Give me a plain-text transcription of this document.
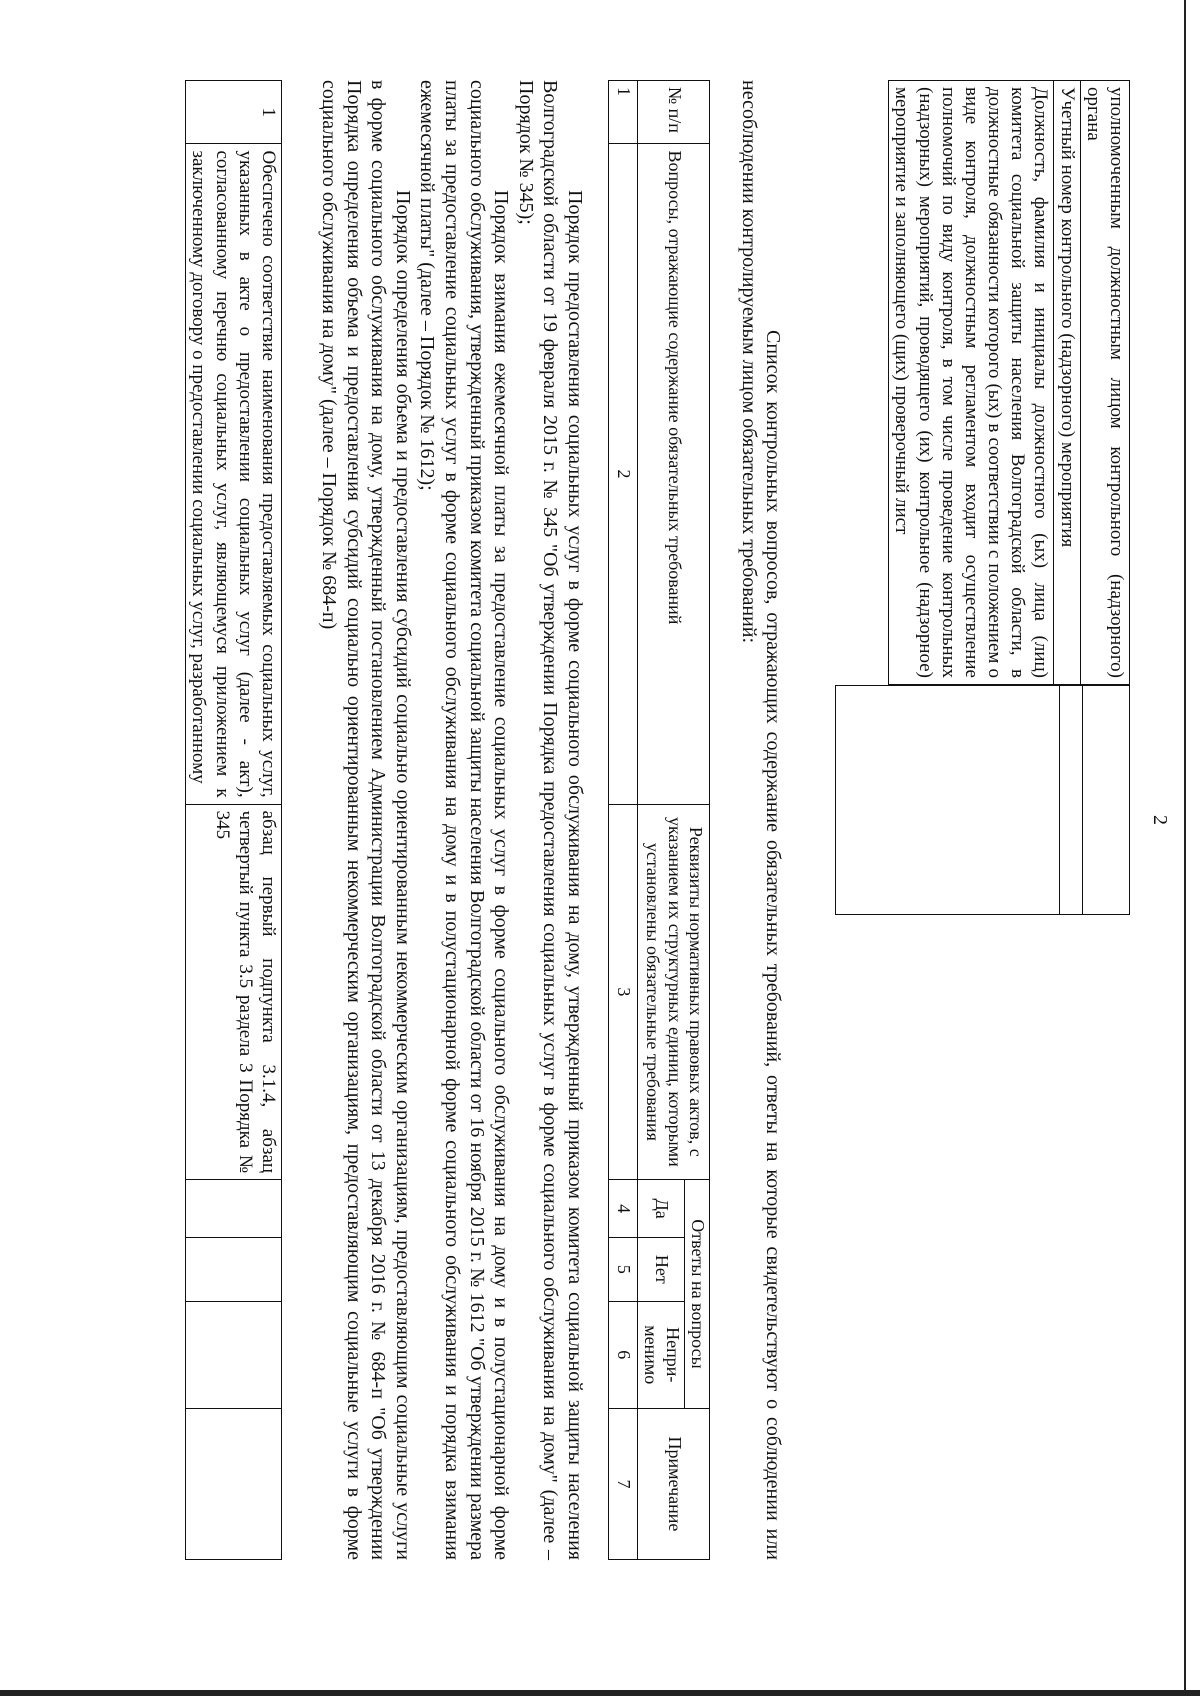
2
уполномоченным должностным лицом контрольного (надзорного) органа
Учетный номер контрольного (надзорного) мероприятия
Должность, фамилия и инициалы должностного (ых) лица (лиц) комитета социальной защиты населения Волгоградской области, в должностные обязанности которого (ых) в соответствии с положением о виде контроля, должностным регламентом входит осуществление полномочий по виду контроля, в том числе проведение контрольных (надзорных) мероприятий, проводящего (их) контрольное (надзорное) мероприятие и заполняющего (щих) проверочный лист

Список контрольных вопросов, отражающих содержание обязательных требований, ответы на которые свидетельствуют о соблюдении или несоблюдении контролируемым лицом обязательных требований:
№ п/п	Вопросы, отражающие содержание обязательных требований	Реквизиты нормативных правовых актов, с указанием их структурных единиц, которыми установлены обязательные требования	Ответы на вопросы			Примечание
			Да	Нет	Непри-менимо	
1	2	3	4	5	6	7

Порядок предоставления социальных услуг в форме социального обслуживания на дому, утвержденный приказом комитета социальной защиты населения Волгоградской области от 19 февраля 2015 г. № 345 "Об утверждении Порядка предоставления социальных услуг в форме социального обслуживания на дому" (далее – Порядок № 345);

Порядок взимания ежемесячной платы за предоставление социальных услуг в форме социального обслуживания на дому и в полустационарной форме социального обслуживания, утвержденный приказом комитета социальной защиты населения Волгоградской области от 16 ноября 2015 г. № 1612 "Об утверждении размера платы за предоставление социальных услуг в форме социального обслуживания на дому и в полустационарной форме социального обслуживания и порядка взимания ежемесячной платы" (далее – Порядок № 1612);

Порядок определения объема и предоставления субсидий социально ориентированным некоммерческим организациям, предоставляющим социальные услуги в форме социального обслуживания на дому, утвержденный постановлением Администрации Волгоградской области от 13 декабря 2016 г. № 684-п "Об утверждении Порядка определения объема и предоставления субсидий социально ориентированным некоммерческим организациям, предоставляющим социальные услуги в форме социального обслуживания на дому" (далее – Порядок № 684-п)

1	Обеспечено соответствие наименования предоставляемых социальных услуг, указанных в акте о предоставлении социальных услуг (далее - акт), согласованному перечню социальных услуг, являющемуся приложением к заключенному договору о предоставлении социальных услуг, разработанному	абзац первый подпункта 3.1.4, абзац четвертый пункта 3.5 раздела 3 Порядка № 345				
